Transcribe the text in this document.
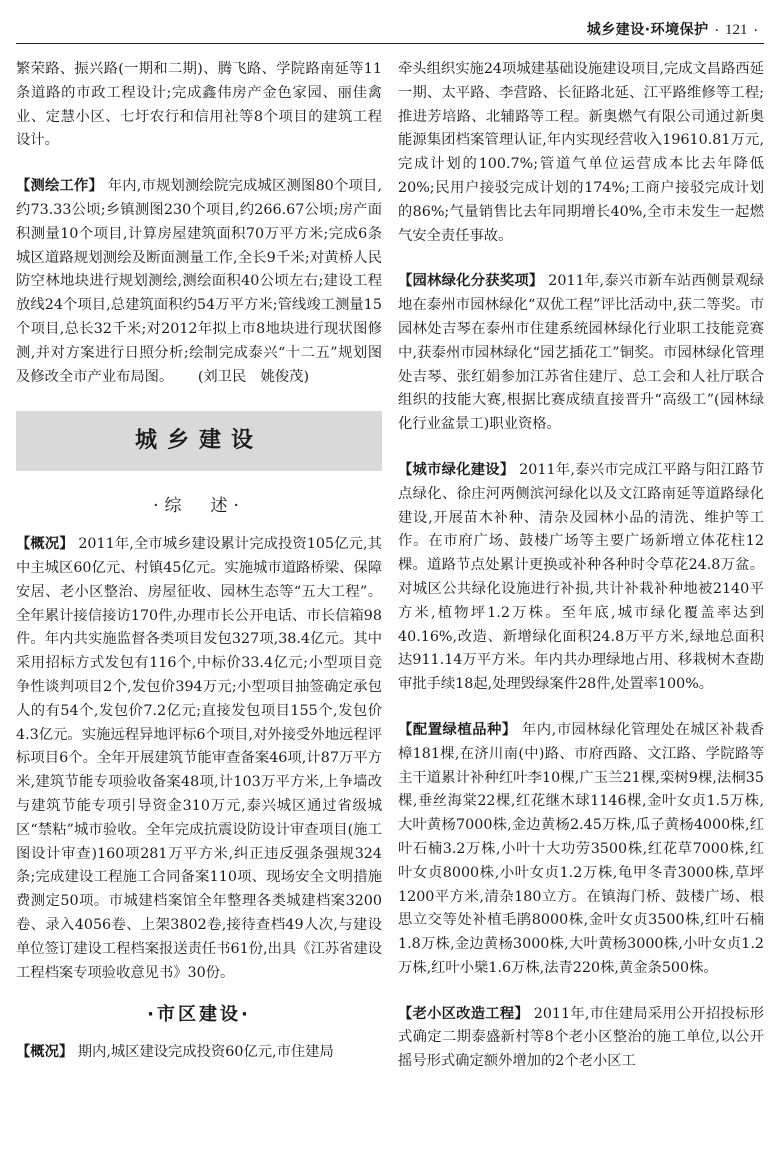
城乡建设·环境保护 · 121 ·

繁荣路、振兴路(一期和二期)、腾飞路、学院路南延等11条道路的市政工程设计;完成鑫伟房产金色家园、丽佳禽业、定慧小区、七圩农行和信用社等8个项目的建筑工程设计。

【测绘工作】 年内,市规划测绘院完成城区测图80个项目,约73.33公顷;乡镇测图230个项目,约266.67公顷;房产面积测量10个项目,计算房屋建筑面积70万平方米;完成6条城区道路规划测绘及断面测量工作,全长9千米;对黄桥人民防空林地块进行规划测绘,测绘面积40公顷左右;建设工程放线24个项目,总建筑面积约54万平方米;管线竣工测量15个项目,总长32千米;对2012年拟上市8地块进行现状图修测,并对方案进行日照分析;绘制完成泰兴“十二五”规划图及修改全市产业布局图。 (刘卫民　姚俊茂)

城乡建设
·综　述·

【概况】 2011年,全市城乡建设累计完成投资105亿元,其中主城区60亿元、村镇45亿元。实施城市道路桥梁、保障安居、老小区整治、房屋征收、园林生态等“五大工程”。全年累计接信接访170件,办理市长公开电话、市长信箱98件。年内共实施监督各类项目发包327项,38.4亿元。其中采用招标方式发包有116个,中标价33.4亿元;小型项目竞争性谈判项目2个,发包价394万元;小型项目抽签确定承包人的有54个,发包价7.2亿元;直接发包项目155个,发包价4.3亿元。实施远程异地评标6个项目,对外接受外地远程评标项目6个。全年开展建筑节能审查备案46项,计87万平方米,建筑节能专项验收备案48项,计103万平方米,上争墙改与建筑节能专项引导资金310万元,泰兴城区通过省级城区“禁粘”城市验收。全年完成抗震设防设计审查项目(施工图设计审查)160项281万平方米,纠正违反强条强规324条;完成建设工程施工合同备案110项、现场安全文明措施费测定50项。市城建档案馆全年整理各类城建档案3200卷、录入4056卷、上架3802卷,接待查档49人次,与建设单位签订建设工程档案报送责任书61份,出具《江苏省建设工程档案专项验收意见书》30份。

·市区建设·

【概况】 期内,城区建设完成投资60亿元,市住建局

牵头组织实施24项城建基础设施建设项目,完成文昌路西延一期、太平路、李营路、长征路北延、江平路维修等工程;推进芳培路、北辅路等工程。新奥燃气有限公司通过新奥能源集团档案管理认证,年内实现经营收入19610.81万元,完成计划的100.7%;管道气单位运营成本比去年降低20%;民用户接驳完成计划的174%;工商户接驳完成计划的86%;气量销售比去年同期增长40%,全市未发生一起燃气安全责任事故。

【园林绿化分获奖项】 2011年,泰兴市新车站西侧景观绿地在泰州市园林绿化“双优工程”评比活动中,获二等奖。市园林处吉琴在泰州市住建系统园林绿化行业职工技能竞赛中,获泰州市园林绿化“园艺插花工”铜奖。市园林绿化管理处吉琴、张红娟参加江苏省住建厅、总工会和人社厅联合组织的技能大赛,根据比赛成绩直接晋升“高级工”(园林绿化行业盆景工)职业资格。

【城市绿化建设】 2011年,泰兴市完成江平路与阳江路节点绿化、徐庄河两侧滨河绿化以及文江路南延等道路绿化建设,开展苗木补种、清杂及园林小品的清洗、维护等工作。在市府广场、鼓楼广场等主要广场新增立体花柱12棵。道路节点处累计更换或补种各种时令草花24.8万盆。对城区公共绿化设施进行补损,共计补栽补种地被2140平方米,植物坪1.2万株。至年底,城市绿化覆盖率达到40.16%,改造、新增绿化面积24.8万平方米,绿地总面积达911.14万平方米。年内共办理绿地占用、移栽树木查勘审批手续18起,处理毁绿案件28件,处置率100%。

【配置绿植品种】 年内,市园林绿化管理处在城区补栽香樟181棵,在济川南(中)路、市府西路、文江路、学院路等主干道累计补种红叶李10棵,广玉兰21棵,栾树9棵,法桐35棵,垂丝海棠22棵,红花继木球1146棵,金叶女贞1.5万株,大叶黄杨7000株,金边黄杨2.45万株,瓜子黄杨4000株,红叶石楠3.2万株,小叶十大功劳3500株,红花草7000株,红叶女贞8000株,小叶女贞1.2万株,龟甲冬青3000株,草坪1200平方米,清杂180立方。在镇海门桥、鼓楼广场、根思立交等处补植毛鹃8000株,金叶女贞3500株,红叶石楠1.8万株,金边黄杨3000株,大叶黄杨3000株,小叶女贞1.2万株,红叶小檗1.6万株,法青220株,黄金条500株。

【老小区改造工程】 2011年,市住建局采用公开招投标形式确定二期泰盛新村等8个老小区整治的施工单位,以公开摇号形式确定额外增加的2个老小区工
